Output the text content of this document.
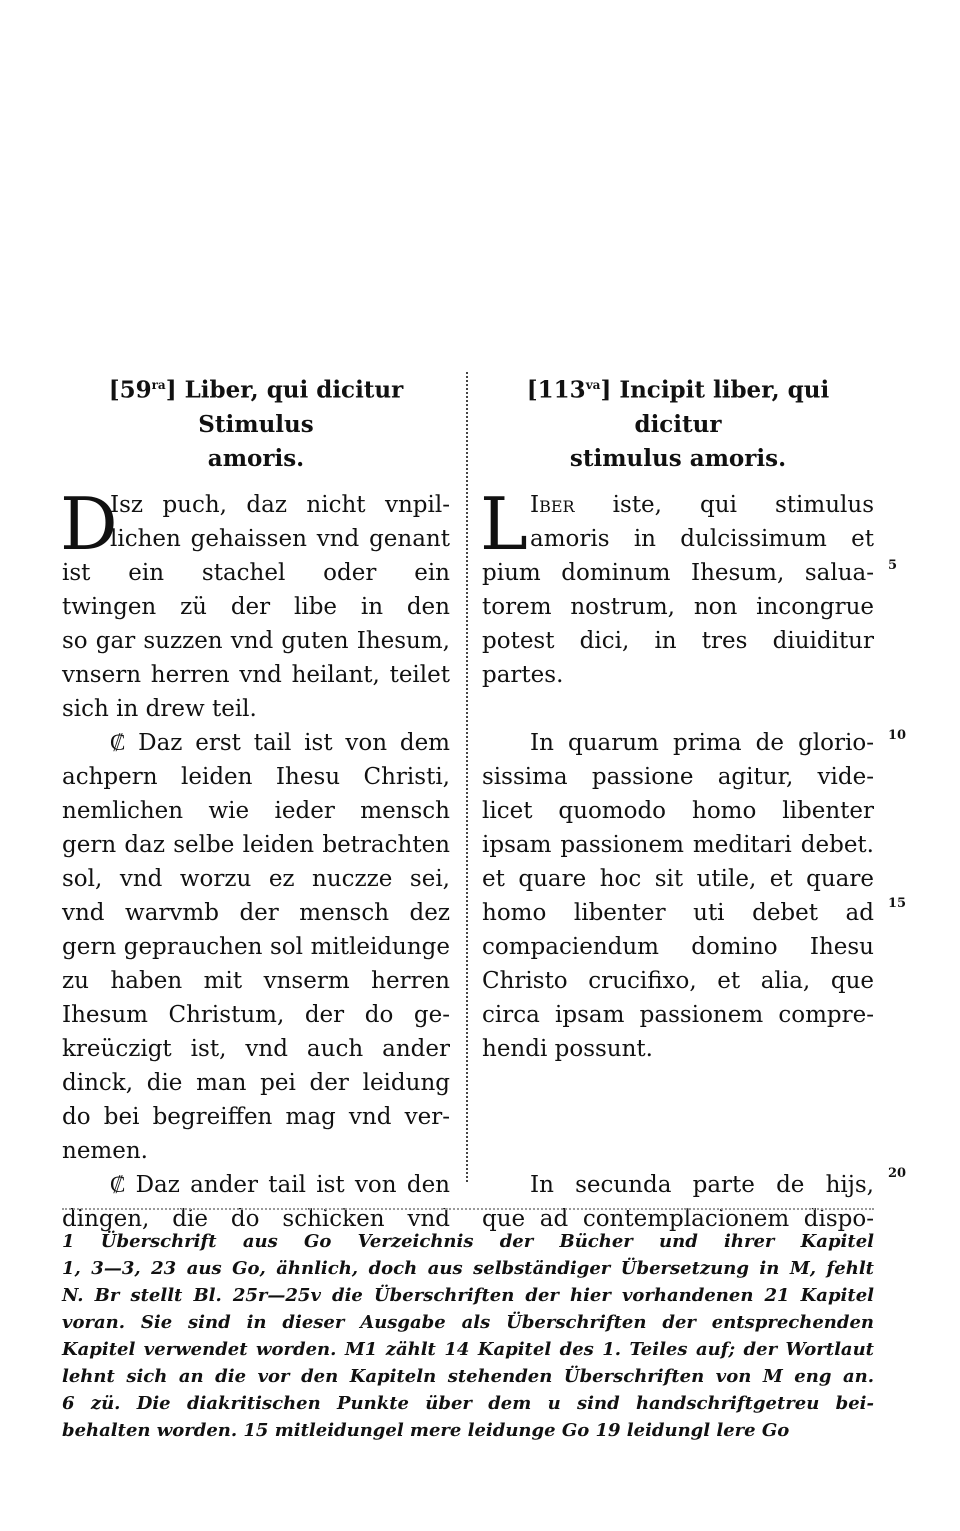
$[59^{ra}]$ Liber, qui dicitur Stimulus
amoris.
D
Isz puch, daz nicht vnpil-
lichen gehaissen vnd genant
ist ein stachel oder ein
twingen zü der libe in den
so gar suzzen vnd guten Ihesum,
vnsern herren vnd heilant, teilet
sich in drew teil.
₡ Daz erst tail ist von dem
achpern leiden Ihesu Christi,
nemlichen wie ieder mensch
gern daz selbe leiden betrachten
sol, vnd worzu ez nuczze sei,
vnd warvmb der mensch dez
gern geprauchen sol mitleidunge
zu haben mit vnserm herren
Ihesum Christum, der do ge-
kreüczigt ist, vnd auch ander
dinck, die man pei der leidung
do bei begreiffen mag vnd ver-
nemen.
₡ Daz ander tail ist von den
dingen, die do schicken vnd
$[113^{va}]$ Incipit liber, qui dicitur
stimulus amoris.
L Iber iste, qui stimulus
amoris in dulcissimum et
pium dominum Ihesum, salua-
torem nostrum, non incongrue
potest dici, in tres diuiditur
partes.
In quarum prima de glorio-
sissima passione agitur, vide-
licet quomodo homo libenter
ipsam passionem meditari debet.
et quare hoc sit utile, et quare
homo libenter uti debet ad
compaciendum domino Ihesu
Christo crucifixo, et alia, que
circa ipsam passionem compre-
hendi possunt.
In secunda parte de hijs,
que ad contemplacionem dispo-
5
10
15
20
1 Überschrift aus Go Verzeichnis der Bücher und ihrer Kapitel
1, 3—3, 23 aus Go, ähnlich, doch aus selbständiger Übersetzung in M, fehlt
N. Br stellt Bl. 25r—25v die Überschriften der hier vorhandenen 21 Kapitel
voran. Sie sind in dieser Ausgabe als Überschriften der entsprechenden
Kapitel verwendet worden. M1 zählt 14 Kapitel des 1. Teiles auf; der Wortlaut
lehnt sich an die vor den Kapiteln stehenden Überschriften von M eng an.
6 zü. Die diakritischen Punkte über dem u sind handschriftgetreu bei-
behalten worden. 15 mitleidungel mere leidunge Go 19 leidungl lere Go
